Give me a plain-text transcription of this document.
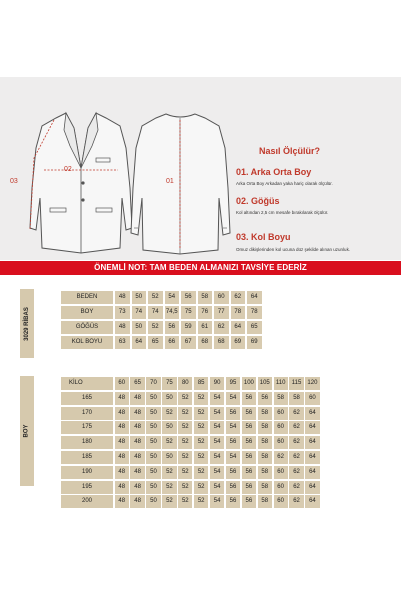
03
02
01
Nasıl Ölçülür?
01. Arka Orta Boy
Arka Orta Boy Arkadan yaka hariç olarak ölçülür.
02. Göğüs
Kol altından 2,5 cm mesafe bırakılarak ölçülür.
03. Kol Boyu
Omuz dikişlerinden kol ucuna düz şekilde alınan uzunluk.
ÖNEMLİ NOT: TAM BEDEN ALMANIZI TAVSİYE EDERİZ
3029 RİBAS
BEDEN	48	50	52	54	56	58	60	62	64
BOY	73	74	74	74,5	75	76	77	78	78
GÖĞÜS	48	50	52	56	59	61	62	64	65
KOL BOYU	63	64	65	66	67	68	68	69	69
BOY
KİLO	60	65	70	75	80	85	90	95	100 105	110	115	120
165	48	48	50	50	52	52	54	54	56	56	58	58	60
170	48	48	50	52	52	52	54	56	56	58	60	62	64
175	48	48	50	50	52	52	54	54	56	58	60	62	64
180	48	48	50	52	52	52	54	56	56	58	60	62	64
185	48	48	50	50	52	52	54	54	56	58	62	62	64
190	48	48	50	52	52	52	54	56	56	58	60	62	64
195	48	48	50	52	52	52	54	56	56	58	60	62	64
200	48	48	50	52	52	52	54	56	56	58	60	62	64
